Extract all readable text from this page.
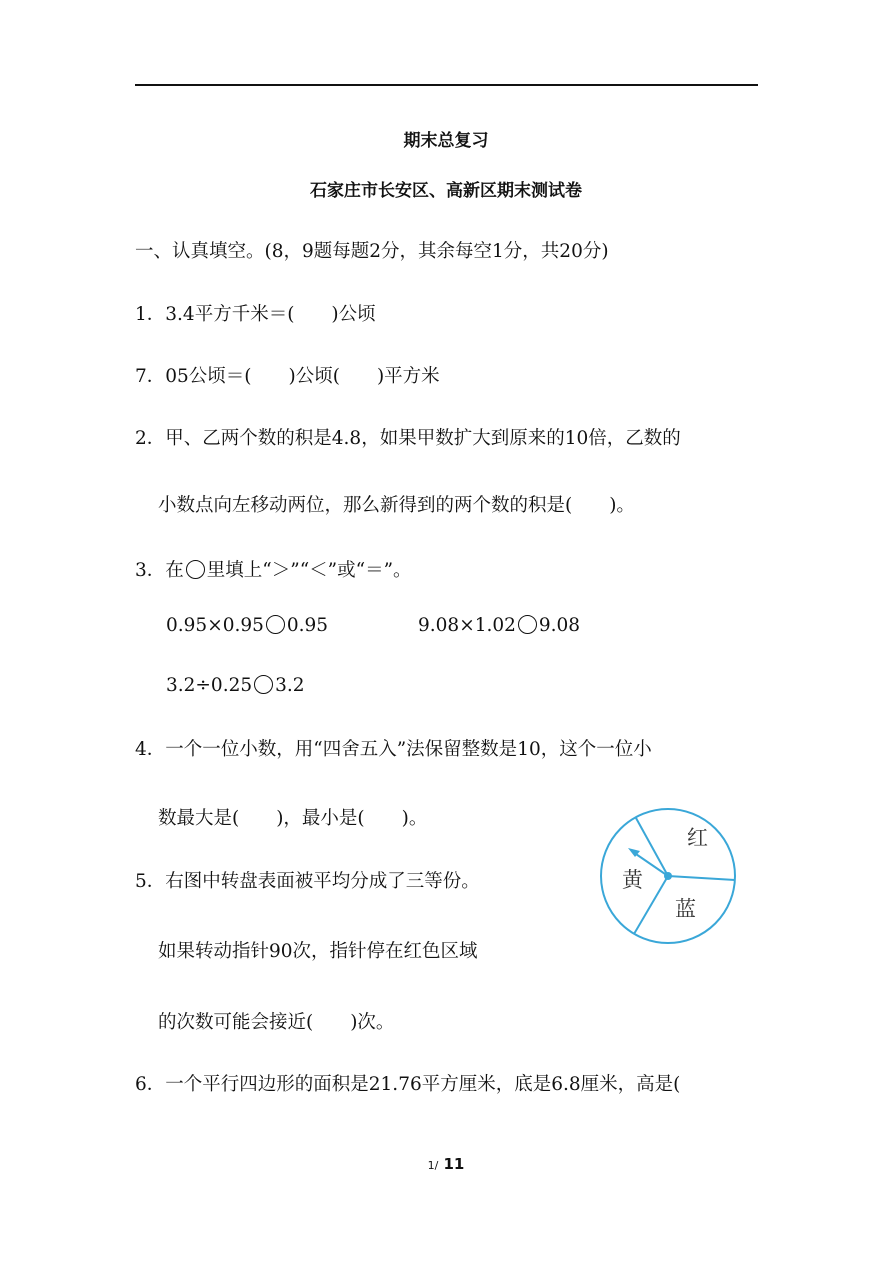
期末总复习
石家庄市长安区、高新区期末测试卷
一、认真填空。(8，9题每题2分，其余每空1分，共20分)
1．3.4平方千米＝(　　)公顷
7．05公顷＝(　　)公顷(　　)平方米
2．甲、乙两个数的积是4.8，如果甲数扩大到原来的10倍，乙数的
小数点向左移动两位，那么新得到的两个数的积是(　　)。
3．在 里填上“＞”“＜”或“＝”。
0.95×0.95 0.95	9.08×1.02 9.08
3.2÷0.25 3.2
4．一个一位小数，用“四舍五入”法保留整数是10，这个一位小
数最大是(　　)，最小是(　　)。
5．右图中转盘表面被平均分成了三等份。
如果转动指针90次，指针停在红色区域
的次数可能会接近(　　)次。
6．一个平行四边形的面积是21.76平方厘米，底是6.8厘米，高是(
红
黄
蓝
1/ 11
